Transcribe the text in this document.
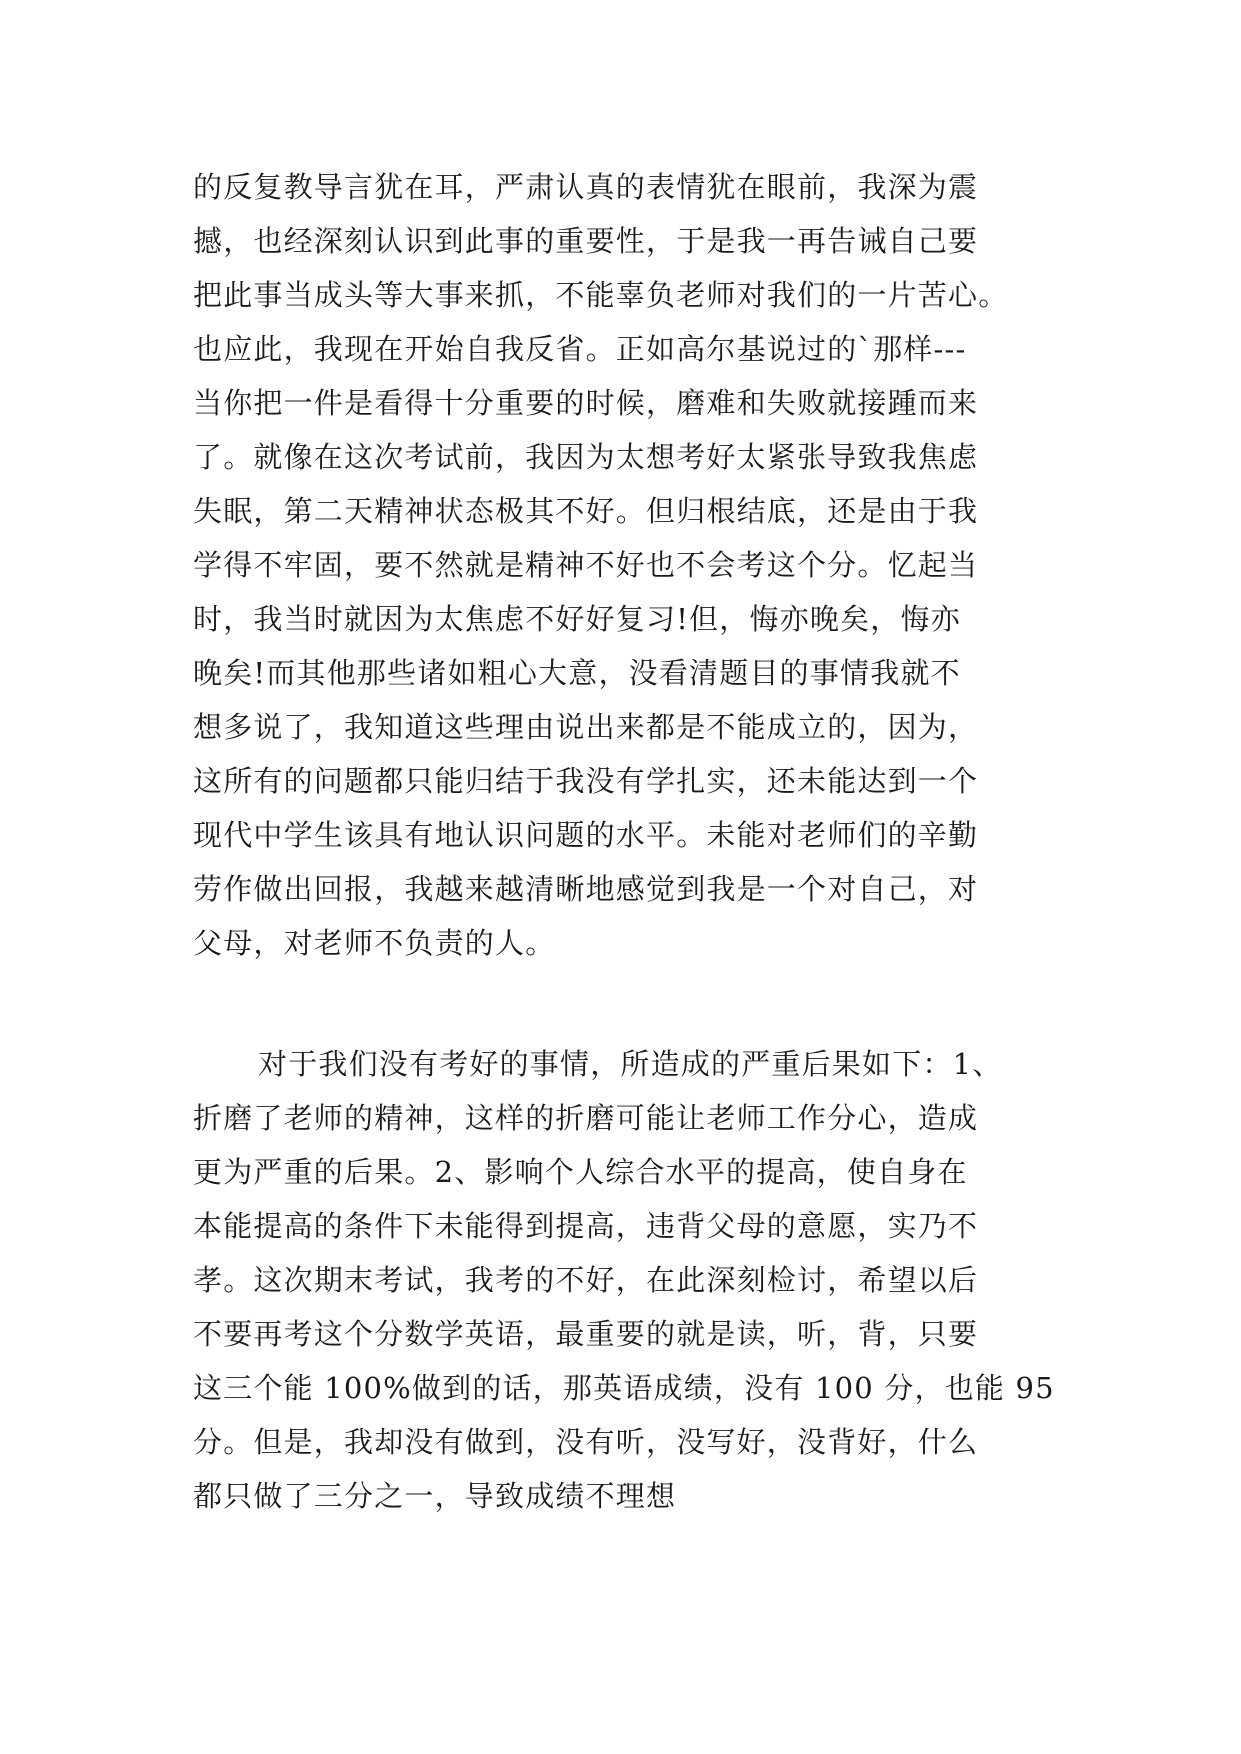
的反复教导言犹在耳，严肃认真的表情犹在眼前，我深为震
撼，也经深刻认识到此事的重要性，于是我一再告诫自己要
把此事当成头等大事来抓，不能辜负老师对我们的一片苦心。
也应此，我现在开始自我反省。正如高尔基说过的`那样---
当你把一件是看得十分重要的时候，磨难和失败就接踵而来
了。就像在这次考试前，我因为太想考好太紧张导致我焦虑
失眠，第二天精神状态极其不好。但归根结底，还是由于我
学得不牢固，要不然就是精神不好也不会考这个分。忆起当
时，我当时就因为太焦虑不好好复习!但，悔亦晚矣，悔亦
晚矣!而其他那些诸如粗心大意，没看清题目的事情我就不
想多说了，我知道这些理由说出来都是不能成立的，因为，
这所有的问题都只能归结于我没有学扎实，还未能达到一个
现代中学生该具有地认识问题的水平。未能对老师们的辛勤
劳作做出回报，我越来越清晰地感觉到我是一个对自己，对
父母，对老师不负责的人。
对于我们没有考好的事情，所造成的严重后果如下：1、
折磨了老师的精神，这样的折磨可能让老师工作分心，造成
更为严重的后果。2、影响个人综合水平的提高，使自身在
本能提高的条件下未能得到提高，违背父母的意愿，实乃不
孝。这次期末考试，我考的不好，在此深刻检讨，希望以后
不要再考这个分数学英语，最重要的就是读，听，背，只要
这三个能 100%做到的话，那英语成绩，没有 100 分，也能 95
分。但是，我却没有做到，没有听，没写好，没背好，什么
都只做了三分之一，导致成绩不理想
